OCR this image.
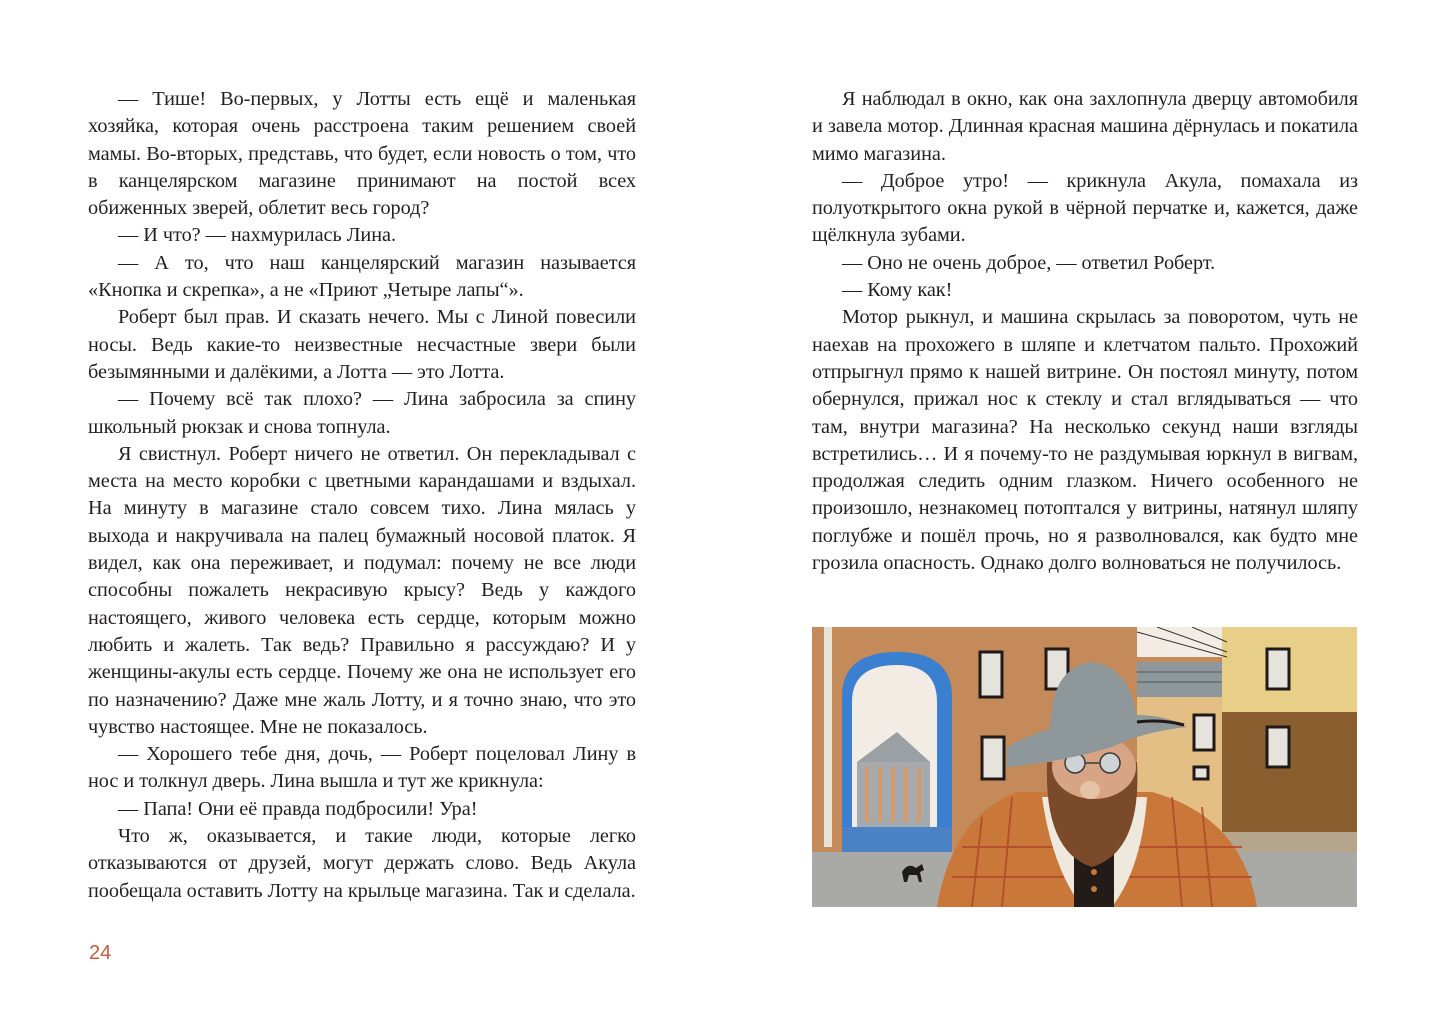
— Тише! Во-первых, у Лотты есть ещё и маленькая хозяйка, которая очень расстроена таким решением своей мамы. Во-вторых, представь, что будет, если новость о том, что в канцелярском магазине принимают на постой всех обиженных зверей, облетит весь город?

— И что? — нахмурилась Лина.

— А то, что наш канцелярский магазин называется «Кнопка и скрепка», а не «Приют „Четыре лапы“».

Роберт был прав. И сказать нечего. Мы с Линой повесили носы. Ведь какие-то неизвестные несчастные звери были безымянными и далёкими, а Лотта — это Лотта.

— Почему всё так плохо? — Лина забросила за спину школьный рюкзак и снова топнула.

Я свистнул. Роберт ничего не ответил. Он перекладывал с места на место коробки с цветными карандашами и вздыхал. На минуту в магазине стало совсем тихо. Лина мялась у выхода и накручивала на палец бумажный носовой платок. Я видел, как она переживает, и подумал: почему не все люди способны пожалеть некрасивую крысу? Ведь у каждого настоящего, живого человека есть сердце, которым можно любить и жалеть. Так ведь? Правильно я рассуждаю? И у женщины-акулы есть сердце. Почему же она не использует его по назначению? Даже мне жаль Лотту, и я точно знаю, что это чувство настоящее. Мне не показалось.

— Хорошего тебе дня, дочь, — Роберт поцеловал Лину в нос и толкнул дверь. Лина вышла и тут же крикнула:

— Папа! Они её правда подбросили! Ура!

Что ж, оказывается, и такие люди, которые легко отказываются от друзей, могут держать слово. Ведь Акула пообещала оставить Лотту на крыльце магазина. Так и сделала.

24

Я наблюдал в окно, как она захлопнула дверцу автомобиля и завела мотор. Длинная красная машина дёрнулась и покатила мимо магазина.

— Доброе утро! — крикнула Акула, помахала из полуоткрытого окна рукой в чёрной перчатке и, кажется, даже щёлкнула зубами.

— Оно не очень доброе, — ответил Роберт.

— Кому как!

Мотор рыкнул, и машина скрылась за поворотом, чуть не наехав на прохожего в шляпе и клетчатом пальто. Прохожий отпрыгнул прямо к нашей витрине. Он постоял минуту, потом обернулся, прижал нос к стеклу и стал вглядываться — что там, внутри магазина? На несколько секунд наши взгляды встретились… И я почему-то не раздумывая юркнул в вигвам, продолжая следить одним глазком. Ничего особенного не произошло, незнакомец потоптался у витрины, натянул шляпу поглубже и пошёл прочь, но я разволновался, как будто мне грозила опасность. Однако долго волноваться не получилось.
